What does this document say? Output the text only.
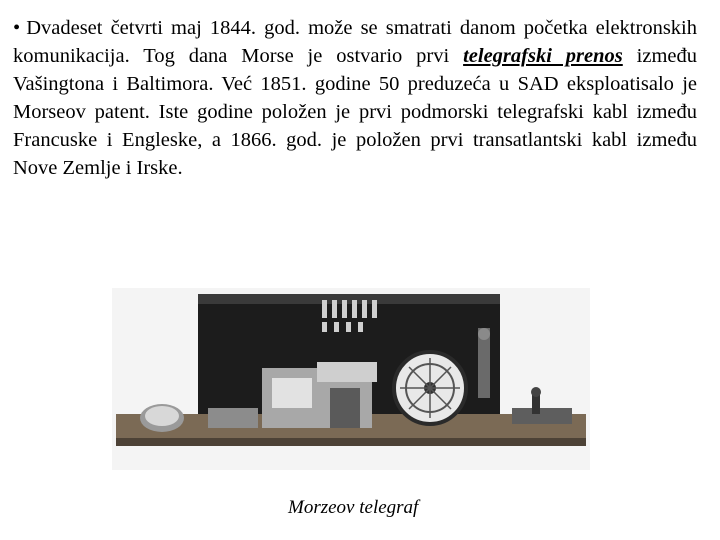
• Dvadeset četvrti maj 1844. god. može se smatrati danom početka elektronskih komunikacija. Tog dana Morse je ostvario prvi telegrafski prenos između Vašingtona i Baltimora. Već 1851. godine 50 preduzeća u SAD eksploatisalo je Morseov patent. Iste godine položen je prvi podmorski telegrafski kabl između Francuske i Engleske, a 1866. god. je položen prvi transatlantski kabl između Nove Zemlje i Irske.
Morzeov telegraf
